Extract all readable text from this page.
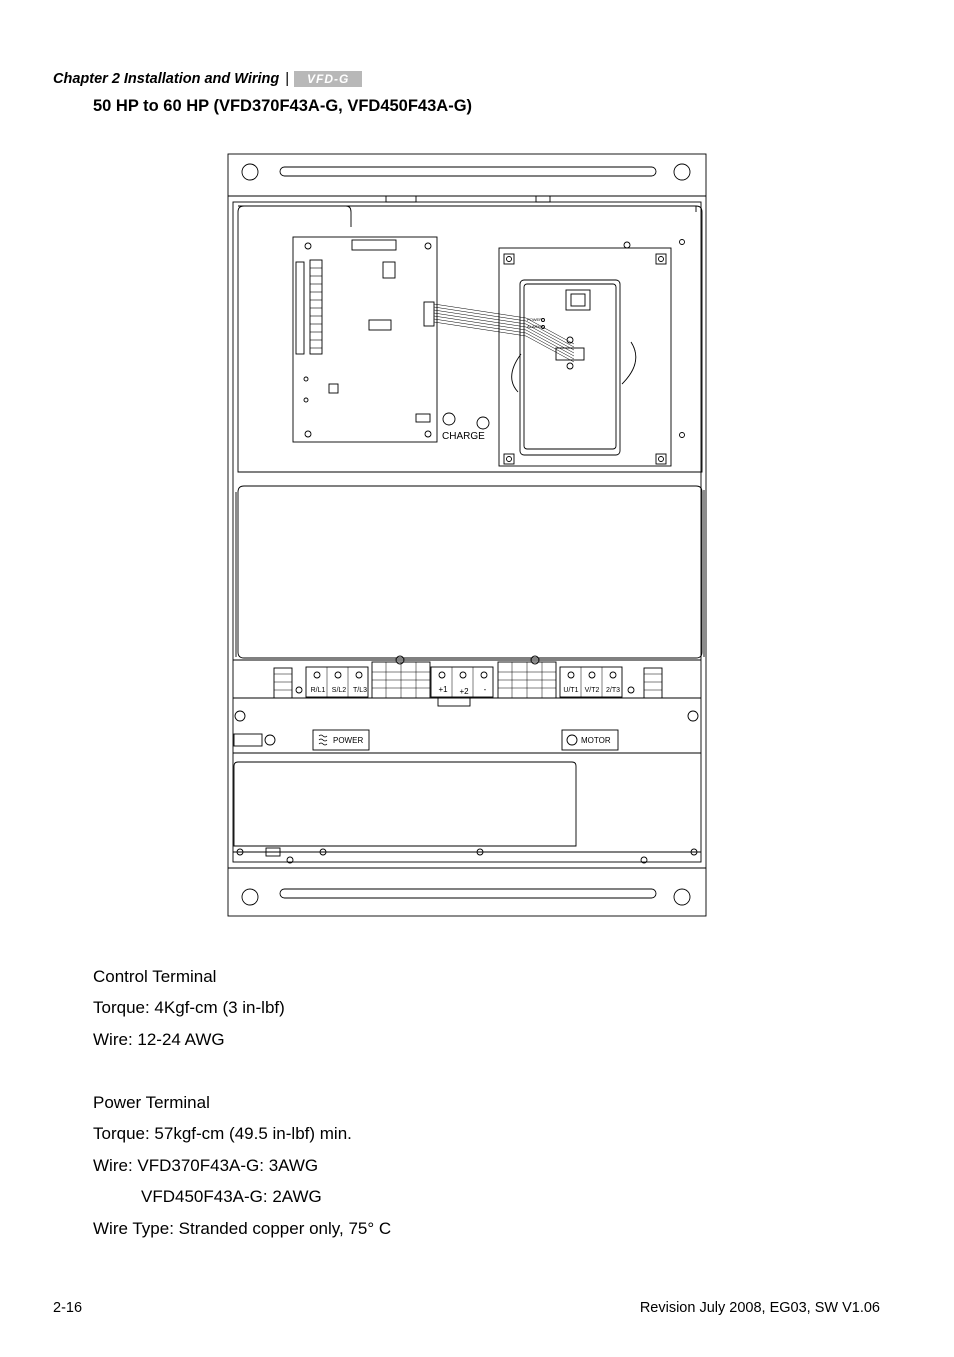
Chapter 2 Installation and Wiring |	VFD-G
50 HP to 60 HP (VFD370F43A-G, VFD450F43A-G)
CHARGE
POWER
ALARM
R/L1 S/L2 T/L3	+1 +2 -	U/T1 V/T2 2/T3
POWER	MOTOR
Control Terminal
Torque: 4Kgf-cm (3 in-lbf)
Wire: 12-24 AWG
Power Terminal
Torque: 57kgf-cm (49.5 in-lbf) min.
Wire: VFD370F43A-G: 3AWG
VFD450F43A-G: 2AWG
Wire Type: Stranded copper only, 75° C
2-16	Revision July 2008, EG03, SW V1.06
